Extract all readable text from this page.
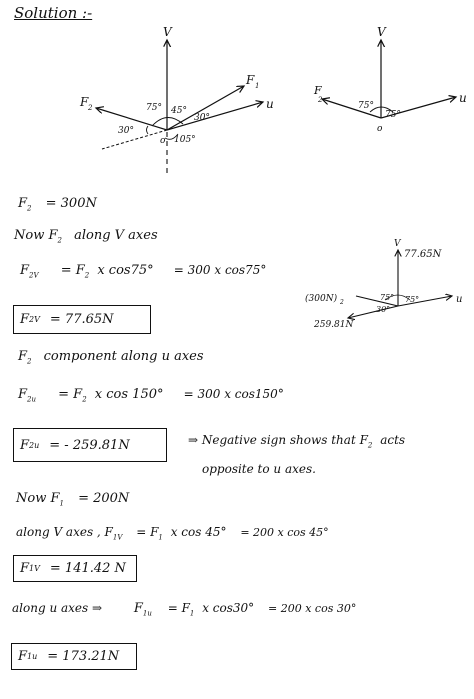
Solution :-
V
u
F 1
F 2
o
75° 45°
30°
30°
105°
V
u
F
2
o
75°
75°
V
77.65N
u
(300N) 2
259.81N
75° 75°
30°
$F_2 = 300N$
Now $F_2$ along V axes
$F_{2V} = F_2$ x cos75° = 300 x cos75°
F 2V = 77.65N
$F_2$ component along u axes
$F_{2u} = F_2$ x cos 150° = 300 x cos150°
F 2u = - 259.81N	⇒ Negative sign shows that $F_2$ acts
opposite to u axes.
Now $F_1 = 200N$
along V axes , $F_{1V} = F_1$ x cos 45° = 200 x cos 45°
F 1V = 141.42 N
along u axes ⇒ $F_{1u} = F_1$ x cos30° = 200 x cos 30°
F 1u = 173.21N
